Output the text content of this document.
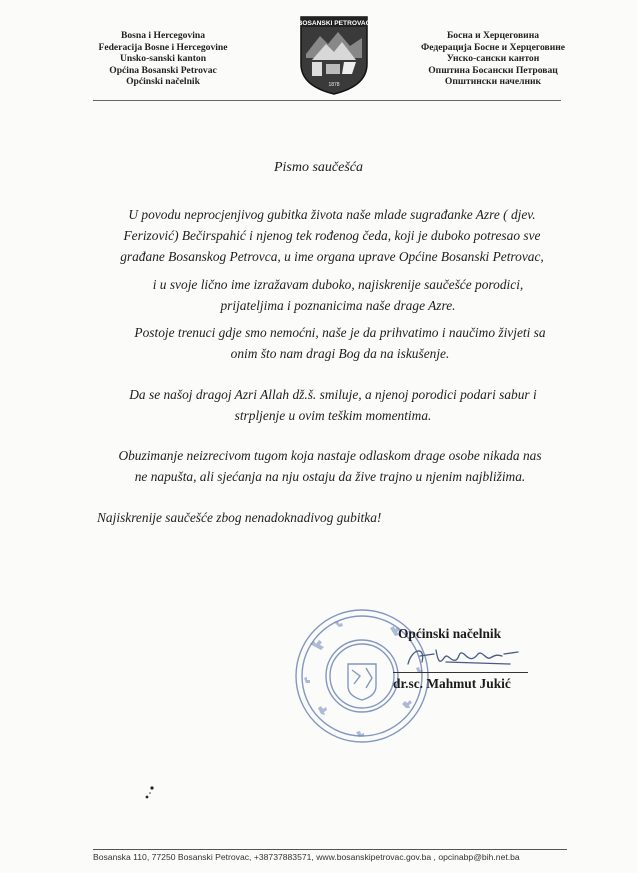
Bosna i Hercegovina
Federacija Bosne i Hercegovine
Unsko-sanski kanton
Općina Bosanski Petrovac
Općinski načelnik
BOSANSKI PETROVAC
1878
Босна и Херцеговина
Федерација Босне и Херцеговине
Унско-сански кантон
Општина Босански Петровац
Општински начелник
Pismo saučešća
U povodu neprocjenjivog gubitka života naše mlade sugrađanke Azre ( djev.
Ferizović) Bečirspahić i njenog tek rođenog čeda, koji je duboko potresao sve
građane Bosanskog Petrovca, u ime organa uprave Općine Bosanski Petrovac,
i u svoje lično ime izražavam duboko, najiskrenije saučešće porodici,
prijateljima i poznanicima naše drage Azre.
Postoje trenuci gdje smo nemoćni, naše je da prihvatimo i naučimo živjeti sa
onim što nam dragi Bog da na iskušenje.
Da se našoj dragoj Azri Allah dž.š. smiluje, a njenoj porodici podari sabur i
strpljenje u ovim teškim momentima.
Obuzimanje neizrecivom tugom koja nastaje odlaskom drage osobe nikada nas
ne napušta, ali sjećanja na nju ostaju da žive trajno u njenim najbližima.
Najiskrenije saučešće zbog nenadoknadivog gubitka!
Općinski načelnik
dr.sc. Mahmut Jukić
Bosanska 110, 77250 Bosanski Petrovac, +38737883571, www.bosanskipetrovac.gov.ba , opcinabp@bih.net.ba
